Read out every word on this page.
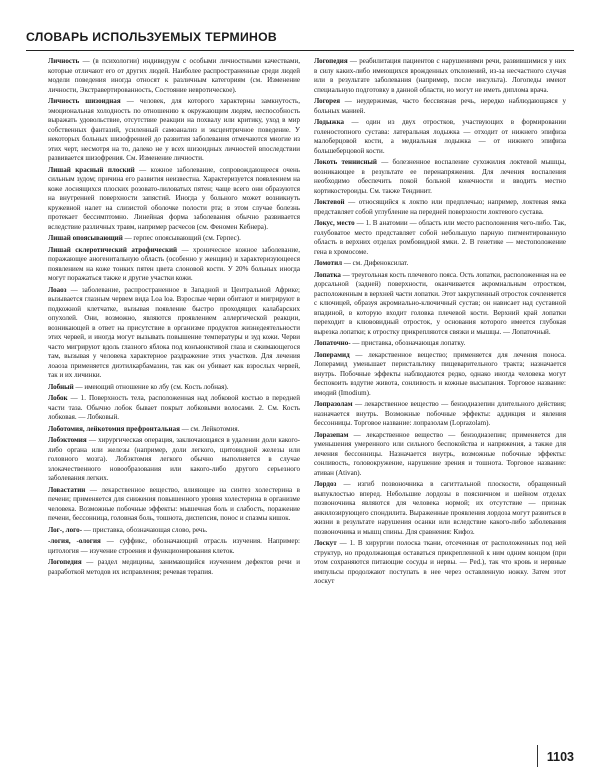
СЛОВАРЬ ИСПОЛЬЗУЕМЫХ ТЕРМИНОВ

Личность — (в психологии) индивидуум с особыми личностными качествами, которые отличают его от других людей. Наиболее распространенные среди людей модели поведения иногда относят к различным категориям (см. Изменение личности, Экстравертированность, Состояние невротическое).

Личность шизоидная — человек, для которого характерны замкнутость, эмоциональная холодность по отношению к окружающим людям, неспособность выражать удовольствие, отсутствие реакции на похвалу или критику, уход в мир собственных фантазий, усиленный самоанализ и эксцентричное поведение. У некоторых больных шизофренией до развития заболевания отмечаются многие из этих черт, несмотря на то, далеко не у всех шизоидных личностей впоследствии развивается шизофрения. См. Изменение личности.

Лишай красный плоский — кожное заболевание, сопровождающееся очень сильным зудом; причина его развития неизвестна. Характеризуется появлением на коже лоснящихся плоских розовато-лиловатых пятен; чаще всего они образуются на внутренней поверхности запястий. Иногда у больного может возникнуть кружевной налет на слизистой оболочке полости рта; в этом случае болезнь протекает бессимптомно. Линейная форма заболевания обычно развивается вследствие различных травм, например расчесов (см. Феномен Кебнера).

Лишай опоясывающий — герпес опоясывающий (см. Герпес).

Лишай склеротический атрофический — хроническое кожное заболевание, поражающее аногенитальную область (особенно у женщин) и характеризующееся появлением на коже тонких пятен цвета слоновой кости. У 20% больных иногда могут поражаться также и другие участки кожи.

Лоаоз — заболевание, распространенное в Западной и Центральной Африке; вызывается глазным червем вида Loa loa. Взрослые черви обитают и мигрируют в подкожной клетчатке, вызывая появление быстро проходящих калабарских опухолей. Они, возможно, являются проявлением аллергической реакции, возникающей в ответ на присутствие в организме продуктов жизнедеятельности этих червей, и иногда могут вызывать повышение температуры и зуд кожи. Черви часто мигрируют вдоль глазного яблока под конъюнктивой глаза и сжимающегося там, вызывая у человека характерное раздражение этих участков. Для лечения лоаоза применяется диэтилкарбамазин, так как он убивает как взрослых червей, так и их личинки.

Лобный — имеющий отношение ко лбу (см. Кость лобная).

Лобок — 1. Поверхность тела, расположенная над лобковой костью в передней части таза. Обычно лобок бывает покрыт лобковыми волосами. 2. См. Кость лобковая. — Лобковый.

Лоботомия, лейкотомия префронтальная — см. Лейкотомия.

Лобэктомия — хирургическая операция, заключающаяся в удалении доли какого-либо органа или железы (например, доли легкого, щитовидной железы или головного мозга). Лобэктомия легкого обычно выполняется в случае злокачественного новообразования или какого-либо другого серьезного заболевания легких.

Ловастатин — лекарственное вещество, влияющее на синтез холестерина в печени; применяется для снижения повышенного уровня холестерина в организме человека. Возможные побочные эффекты: мышечная боль и слабость, поражение печени, бессонница, головная боль, тошнота, диспепсия, понос и спазмы кишок.

Лог-, лого- — приставка, обозначающая слово, речь.

-логия, -ология — суффикс, обозначающий отрасль изучения. Например: цитология — изучение строения и функционирования клеток.

Логопедия — раздел медицины, занимающийся изучением дефектов речи и разработкой методов их исправления; речевая терапия.

Логопедия — реабилитация пациентов с нарушениями речи, развившимися у них в силу каких-либо имеющихся врожденных отклонений, из-за несчастного случая или в результате заболевания (например, после инсульта). Логопеды имеют специальную подготовку в данной области, но могут не иметь диплома врача.

Логорея — неудержимая, часто бессвязная речь, нередко наблюдающаяся у больных манией.

Лодыжка — один из двух отростков, участвующих в формировании голеностопного сустава: латеральная лодыжка — отходит от нижнего эпифиза малоберцовой кости, а медиальная лодыжка — от нижнего эпифиза большеберцовой кости.

Локоть теннисный — болезненное воспаление сухожилия локтевой мышцы, возникающее в результате ее перенапряжения. Для лечения воспаления необходимо обеспечить покой больной конечности и вводить местно кортикостероиды. См. также Тендинит.

Локтевой — относящийся к локтю или предплечью; например, локтевая ямка представляет собой углубление на передней поверхности локтевого сустава.

Локус, место — 1. В анатомии — область или место расположения чего-либо. Так, голубоватое место представляет собой небольшую парную пигментированную область в верхних отделах ромбовидной ямки. 2. В генетике — местоположение гена в хромосоме.

Ломотил — см. Дифеноксилат.

Лопатка — треугольная кость плечевого пояса. Ость лопатки, расположенная на ее дорсальной (задней) поверхности, оканчивается акромиальным отростком, расположенным в верхней части лопатки. Этот закругленный отросток сочленяется с ключицей, образуя акромиально-ключичный сустав; он нависает над суставной впадиной, в которую входит головка плечевой кости. Верхний край лопатки переходит в клювовидный отросток, у основания которого имеется глубокая вырезка лопатки; к отростку прикрепляются связки и мышцы. — Лопаточный.

Лопаточно- — приставка, обозначающая лопатку.

Лоперамид — лекарственное вещество; применяется для лечения поноса. Лоперамид уменьшает перистальтику пищеварительного тракта; назначается внутрь. Побочные эффекты наблюдаются редко, однако иногда человека могут беспокоить вздутие живота, сонливость и кожные высыпания. Торговое название: имодий (Imodium).

Лопразолам — лекарственное вещество — бензодиазепин длительного действия; назначается внутрь. Возможные побочные эффекты: аддикция и явления бессонницы. Торговое название: лопразолам (Loprazolam).

Лоразепам — лекарственное вещество — бензодиазепин; применяется для уменьшения умеренного или сильного беспокойства и напряжения, а также для лечения бессонницы. Назначается внутрь, возможные побочные эффекты: сонливость, головокружение, нарушение зрения и тошнота. Торговое название: ативан (Ativan).

Лордоз — изгиб позвоночника в сагиттальной плоскости, обращенный выпуклостью вперед. Небольшие лордозы в поясничном и шейном отделах позвоночника являются для человека нормой; их отсутствие — признак анкилозирующего спондилита. Выраженные проявления лордоза могут развиться в жизни в результате нарушения осанки или вследствие какого-либо заболевания позвоночника и мышц спины. Для сравнения: Кифоз.

Лоскут — 1. В хирургии полоска ткани, отсеченная от расположенных под ней структур, но продолжающая оставаться прикрепленной к ним одним концом (при этом сохраняются питающие сосуды и нервы. — Ped.), так что кровь и нервные импульсы продолжают поступать в нее через оставленную ножку. Затем этот лоскут

1103
